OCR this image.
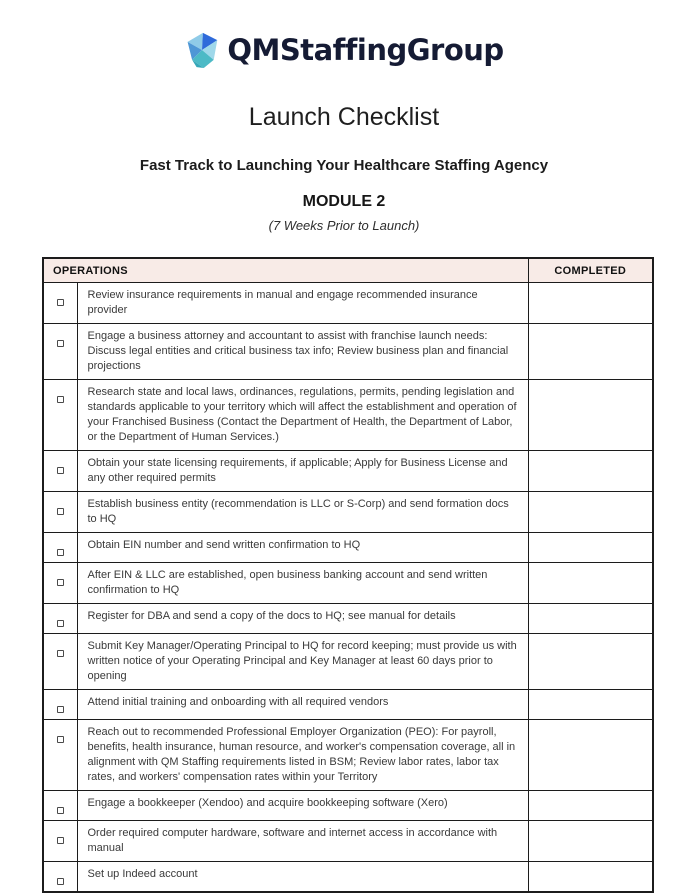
QMStaffingGroup
Launch Checklist
Fast Track to Launching Your Healthcare Staffing Agency
MODULE 2
(7 Weeks Prior to Launch)
OPERATIONS		COMPLETED
	Review insurance requirements in manual and engage recommended insurance provider	
	Engage a business attorney and accountant to assist with franchise launch needs: Discuss legal entities and critical business tax info; Review business plan and financial projections	
	Research state and local laws, ordinances, regulations, permits, pending legislation and standards applicable to your territory which will affect the establishment and operation of your Franchised Business (Contact the Department of Health, the Department of Labor, or the Department of Human Services.)	
	Obtain your state licensing requirements, if applicable; Apply for Business License and any other required permits	
	Establish business entity (recommendation is LLC or S-Corp) and send formation docs to HQ	
	Obtain EIN number and send written confirmation to HQ	
	After EIN & LLC are established, open business banking account and send written confirmation to HQ	
	Register for DBA and send a copy of the docs to HQ; see manual for details	
	Submit Key Manager/Operating Principal to HQ for record keeping; must provide us with written notice of your Operating Principal and Key Manager at least 60 days prior to opening	
	Attend initial training and onboarding with all required vendors	
	Reach out to recommended Professional Employer Organization (PEO): For payroll, benefits, health insurance, human resource, and worker's compensation coverage, all in alignment with QM Staffing requirements listed in BSM; Review labor rates, labor tax rates, and workers' compensation rates within your Territory	
	Engage a bookkeeper (Xendoo) and acquire bookkeeping software (Xero)	
	Order required computer hardware, software and internet access in accordance with manual	
	Set up Indeed account	
